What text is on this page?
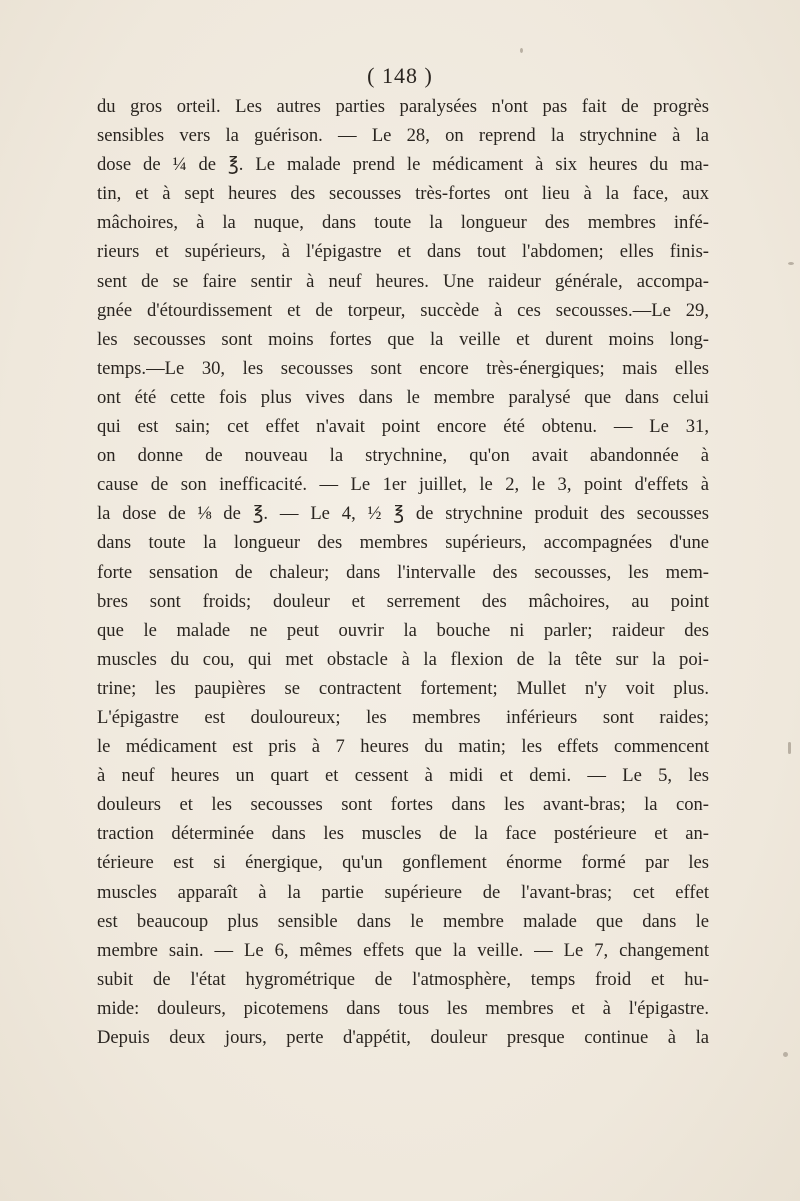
( 148 )
du gros orteil. Les autres parties paralysées n'ont pas fait de progrès
sensibles vers la guérison. — Le 28, on reprend la strychnine à la
dose de ¼ de ℥. Le malade prend le médicament à six heures du ma-
tin, et à sept heures des secousses très-fortes ont lieu à la face, aux
mâchoires, à la nuque, dans toute la longueur des membres infé-
rieurs et supérieurs, à l'épigastre et dans tout l'abdomen; elles finis-
sent de se faire sentir à neuf heures. Une raideur générale, accompa-
gnée d'étourdissement et de torpeur, succède à ces secousses.—Le 29,
les secousses sont moins fortes que la veille et durent moins long-
temps.—Le 30, les secousses sont encore très-énergiques; mais elles
ont été cette fois plus vives dans le membre paralysé que dans celui
qui est sain; cet effet n'avait point encore été obtenu. — Le 31,
on donne de nouveau la strychnine, qu'on avait abandonnée à
cause de son inefficacité. — Le 1er juillet, le 2, le 3, point d'effets à
la dose de ⅛ de ℥. — Le 4, ½ ℥ de strychnine produit des secousses
dans toute la longueur des membres supérieurs, accompagnées d'une
forte sensation de chaleur; dans l'intervalle des secousses, les mem-
bres sont froids; douleur et serrement des mâchoires, au point
que le malade ne peut ouvrir la bouche ni parler; raideur des
muscles du cou, qui met obstacle à la flexion de la tête sur la poi-
trine; les paupières se contractent fortement; Mullet n'y voit plus.
L'épigastre est douloureux; les membres inférieurs sont raides;
le médicament est pris à 7 heures du matin; les effets commencent
à neuf heures un quart et cessent à midi et demi. — Le 5, les
douleurs et les secousses sont fortes dans les avant-bras; la con-
traction déterminée dans les muscles de la face postérieure et an-
térieure est si énergique, qu'un gonflement énorme formé par les
muscles apparaît à la partie supérieure de l'avant-bras; cet effet
est beaucoup plus sensible dans le membre malade que dans le
membre sain. — Le 6, mêmes effets que la veille. — Le 7, changement
subit de l'état hygrométrique de l'atmosphère, temps froid et hu-
mide: douleurs, picotemens dans tous les membres et à l'épigastre.
Depuis deux jours, perte d'appétit, douleur presque continue à la
